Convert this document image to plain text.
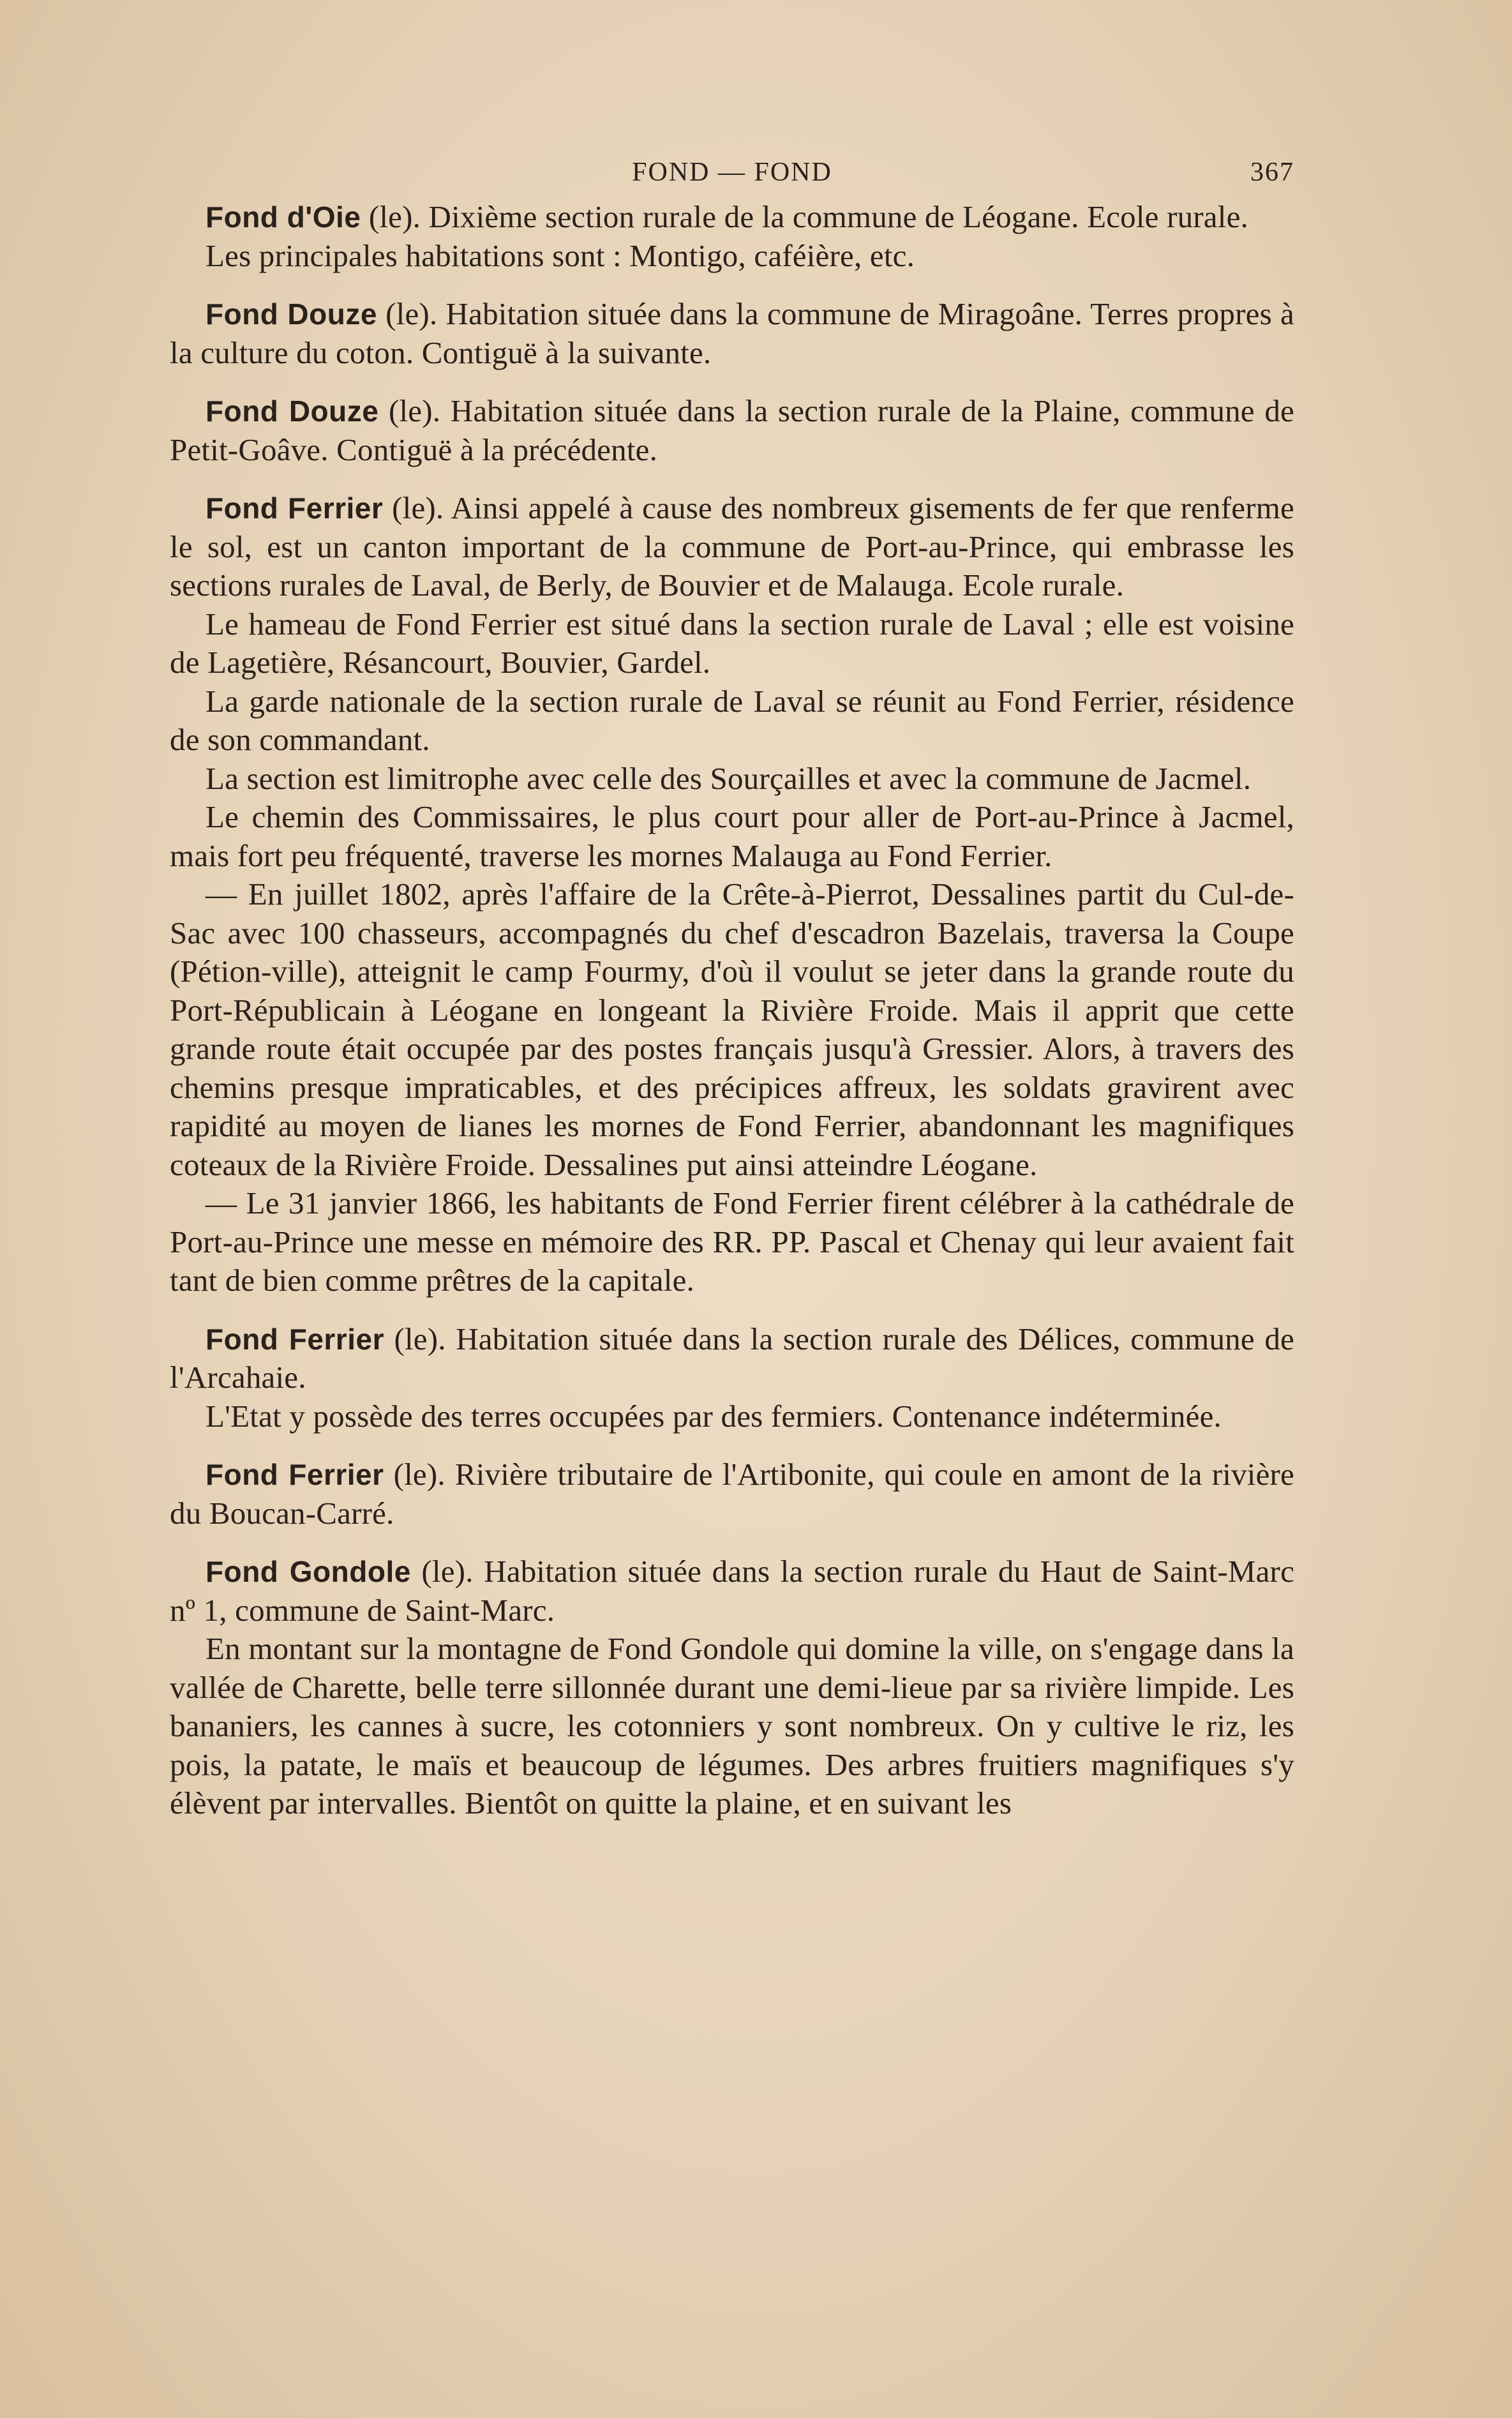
FOND — FOND	367

Fond d'Oie (le). Dixième section rurale de la commune de Léogane. Ecole rurale.

Les principales habitations sont : Montigo, caféière, etc.

Fond Douze (le). Habitation située dans la commune de Miragoâne. Terres propres à la culture du coton. Contiguë à la suivante.

Fond Douze (le). Habitation située dans la section rurale de la Plaine, commune de Petit-Goâve. Contiguë à la précédente.

Fond Ferrier (le). Ainsi appelé à cause des nombreux gisements de fer que renferme le sol, est un canton important de la commune de Port-au-Prince, qui embrasse les sections rurales de Laval, de Berly, de Bouvier et de Malauga. Ecole rurale.

Le hameau de Fond Ferrier est situé dans la section rurale de Laval ; elle est voisine de Lagetière, Résancourt, Bouvier, Gardel.

La garde nationale de la section rurale de Laval se réunit au Fond Ferrier, résidence de son commandant.

La section est limitrophe avec celle des Sourçailles et avec la commune de Jacmel.

Le chemin des Commissaires, le plus court pour aller de Port-au-Prince à Jacmel, mais fort peu fréquenté, traverse les mornes Malauga au Fond Ferrier.

— En juillet 1802, après l'affaire de la Crête-à-Pierrot, Dessalines partit du Cul-de-Sac avec 100 chasseurs, accompagnés du chef d'escadron Bazelais, traversa la Coupe (Pétion-ville), atteignit le camp Fourmy, d'où il voulut se jeter dans la grande route du Port-Républicain à Léogane en longeant la Rivière Froide. Mais il apprit que cette grande route était occupée par des postes français jusqu'à Gressier. Alors, à travers des chemins presque impraticables, et des précipices affreux, les soldats gravirent avec rapidité au moyen de lianes les mornes de Fond Ferrier, abandonnant les magnifiques coteaux de la Rivière Froide. Dessalines put ainsi atteindre Léogane.

— Le 31 janvier 1866, les habitants de Fond Ferrier firent célébrer à la cathédrale de Port-au-Prince une messe en mémoire des RR. PP. Pascal et Chenay qui leur avaient fait tant de bien comme prêtres de la capitale.

Fond Ferrier (le). Habitation située dans la section rurale des Délices, commune de l'Arcahaie.

L'Etat y possède des terres occupées par des fermiers. Contenance indéterminée.

Fond Ferrier (le). Rivière tributaire de l'Artibonite, qui coule en amont de la rivière du Boucan-Carré.

Fond Gondole (le). Habitation située dans la section rurale du Haut de Saint-Marc nº 1, commune de Saint-Marc.

En montant sur la montagne de Fond Gondole qui domine la ville, on s'engage dans la vallée de Charette, belle terre sillonnée durant une demi-lieue par sa rivière limpide. Les bananiers, les cannes à sucre, les cotonniers y sont nombreux. On y cultive le riz, les pois, la patate, le maïs et beaucoup de légumes. Des arbres fruitiers magnifiques s'y élèvent par intervalles. Bientôt on quitte la plaine, et en suivant les
